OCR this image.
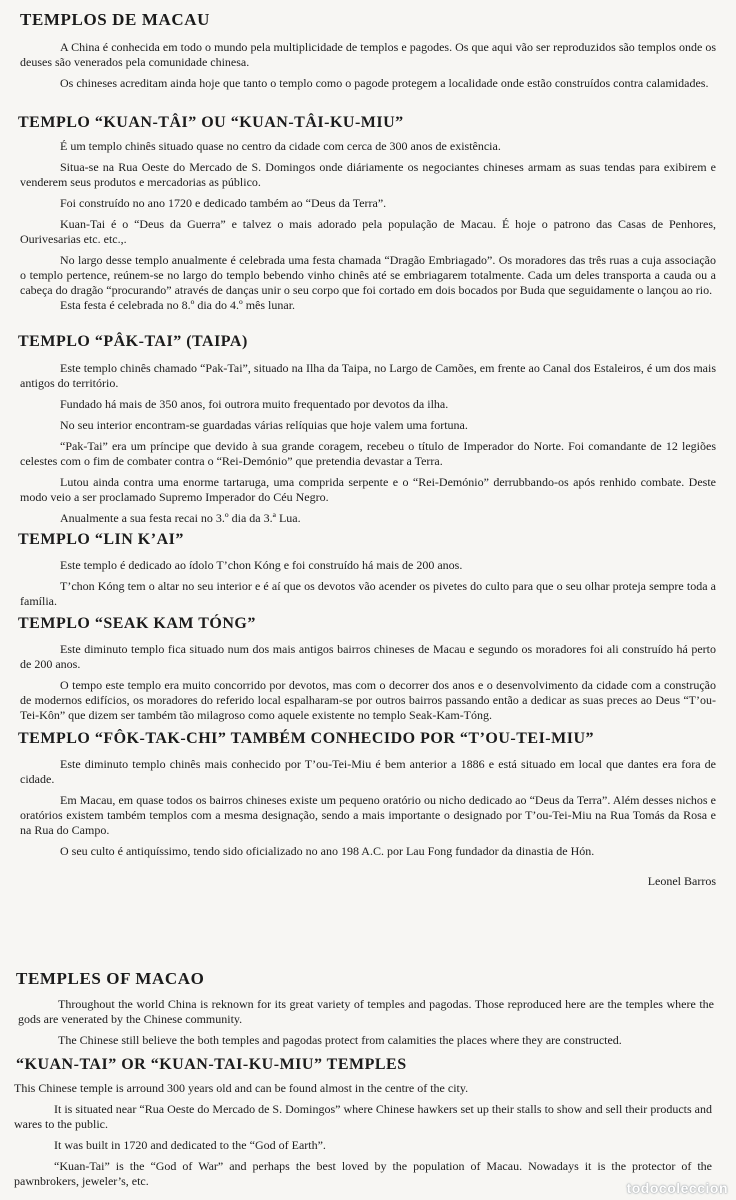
TEMPLOS DE MACAU

A China é conhecida em todo o mundo pela multiplicidade de templos e pagodes. Os que aqui vão ser reproduzidos são templos onde os deuses são venerados pela comunidade chinesa.

Os chineses acreditam ainda hoje que tanto o templo como o pagode protegem a localidade onde estão construídos contra calamidades.

TEMPLO “KUAN-TÂI” OU “KUAN-TÂI-KU-MIU”

É um templo chinês situado quase no centro da cidade com cerca de 300 anos de existência.

Situa-se na Rua Oeste do Mercado de S. Domingos onde diáriamente os negociantes chineses armam as suas tendas para exibirem e venderem seus produtos e mercadorias as público.

Foi construído no ano 1720 e dedicado também ao “Deus da Terra”.

Kuan-Tai é o “Deus da Guerra” e talvez o mais adorado pela população de Macau. É hoje o patrono das Casas de Penhores, Ourivesarias etc. etc.,.

No largo desse templo anualmente é celebrada uma festa chamada “Dragão Embriagado”. Os moradores das três ruas a cuja associação o templo pertence, reúnem-se no largo do templo bebendo vinho chinês até se embriagarem totalmente. Cada um deles transporta a cauda ou a cabeça do dragão “procurando” através de danças unir o seu corpo que foi cortado em dois bocados por Buda que seguidamente o lançou ao rio.

Esta festa é celebrada no 8.º dia do 4.º mês lunar.

TEMPLO “PÂK-TAI” (TAIPA)

Este templo chinês chamado “Pak-Tai”, situado na Ilha da Taipa, no Largo de Camões, em frente ao Canal dos Estaleiros, é um dos mais antigos do território.

Fundado há mais de 350 anos, foi outrora muito frequentado por devotos da ilha.

No seu interior encontram-se guardadas várias relíquias que hoje valem uma fortuna.

“Pak-Tai” era um príncipe que devido à sua grande coragem, recebeu o título de Imperador do Norte. Foi comandante de 12 legiões celestes com o fim de combater contra o “Rei-Demónio” que pretendia devastar a Terra.

Lutou ainda contra uma enorme tartaruga, uma comprida serpente e o “Rei-Demónio” derrubbando-os após renhido combate. Deste modo veio a ser proclamado Supremo Imperador do Céu Negro.

Anualmente a sua festa recai no 3.º dia da 3.ª Lua.

TEMPLO “LIN K’AI”

Este templo é dedicado ao ídolo T’chon Kóng e foi construído há mais de 200 anos.

T’chon Kóng tem o altar no seu interior e é aí que os devotos vão acender os pivetes do culto para que o seu olhar proteja sempre toda a família.

TEMPLO “SEAK KAM TÓNG”

Este diminuto templo fica situado num dos mais antigos bairros chineses de Macau e segundo os moradores foi ali construído há perto de 200 anos.

O tempo este templo era muito concorrido por devotos, mas com o decorrer dos anos e o desenvolvimento da cidade com a construção de modernos edifícios, os moradores do referido local espalharam-se por outros bairros passando então a dedicar as suas preces ao Deus “T’ou-Tei-Kôn” que dizem ser também tão milagroso como aquele existente no templo Seak-Kam-Tóng.

TEMPLO “FÔK-TAK-CHI” TAMBÉM CONHECIDO POR “T’OU-TEI-MIU”

Este diminuto templo chinês mais conhecido por T’ou-Tei-Miu é bem anterior a 1886 e está situado em local que dantes era fora de cidade.

Em Macau, em quase todos os bairros chineses existe um pequeno oratório ou nicho dedicado ao “Deus da Terra”. Além desses nichos e oratórios existem também templos com a mesma designação, sendo a mais importante o designado por T’ou-Tei-Miu na Rua Tomás da Rosa e na Rua do Campo.

O seu culto é antiquíssimo, tendo sido oficializado no ano 198 A.C. por Lau Fong fundador da dinastia de Hón.

Leonel Barros
TEMPLES OF MACAO

Throughout the world China is reknown for its great variety of temples and pagodas. Those reproduced here are the temples where the gods are venerated by the Chinese community.

The Chinese still believe the both temples and pagodas protect from calamities the places where they are constructed.

“KUAN-TAI” OR “KUAN-TAI-KU-MIU” TEMPLES

This Chinese temple is arround 300 years old and can be found almost in the centre of the city.

It is situated near “Rua Oeste do Mercado de S. Domingos” where Chinese hawkers set up their stalls to show and sell their products and wares to the public.

It was built in 1720 and dedicated to the “God of Earth”.

“Kuan-Tai” is the “God of War” and perhaps the best loved by the population of Macau. Nowadays it is the protector of the pawnbrokers, jeweler’s, etc.	todocoleccion
